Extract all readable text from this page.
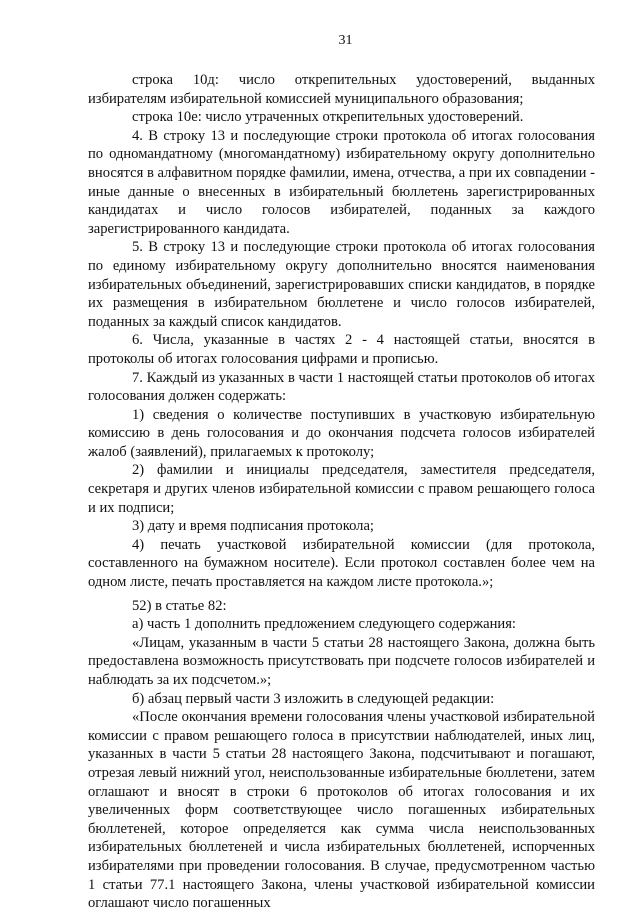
31

строка 10д: число открепительных удостоверений, выданных избирателям избирательной комиссией муниципального образования;

строка 10е: число утраченных открепительных удостоверений.

4. В строку 13 и последующие строки протокола об итогах голосования по одномандатному (многомандатному) избирательному округу дополнительно вносятся в алфавитном порядке фамилии, имена, отчества, а при их совпадении - иные данные о внесенных в избирательный бюллетень зарегистрированных кандидатах и число голосов избирателей, поданных за каждого зарегистрированного кандидата.

5. В строку 13 и последующие строки протокола об итогах голосования по единому избирательному округу дополнительно вносятся наименования избирательных объединений, зарегистрировавших списки кандидатов, в порядке их размещения в избирательном бюллетене и число голосов избирателей, поданных за каждый список кандидатов.

6. Числа, указанные в частях 2 - 4 настоящей статьи, вносятся в протоколы об итогах голосования цифрами и прописью.

7. Каждый из указанных в части 1 настоящей статьи протоколов об итогах голосования должен содержать:

1) сведения о количестве поступивших в участковую избирательную комиссию в день голосования и до окончания подсчета голосов избирателей жалоб (заявлений), прилагаемых к протоколу;

2) фамилии и инициалы председателя, заместителя председателя, секретаря и других членов избирательной комиссии с правом решающего голоса и их подписи;

3) дату и время подписания протокола;

4) печать участковой избирательной комиссии (для протокола, составленного на бумажном носителе). Если протокол составлен более чем на одном листе, печать проставляется на каждом листе протокола.»;

52) в статье 82:

а) часть 1 дополнить предложением следующего содержания:

«Лицам, указанным в части 5 статьи 28 настоящего Закона, должна быть предоставлена возможность присутствовать при подсчете голосов избирателей и наблюдать за их подсчетом.»;

б) абзац первый части 3 изложить в следующей редакции:

«После окончания времени голосования члены участковой избирательной комиссии с правом решающего голоса в присутствии наблюдателей, иных лиц, указанных в части 5 статьи 28 настоящего Закона, подсчитывают и погашают, отрезая левый нижний угол, неиспользованные избирательные бюллетени, затем оглашают и вносят в строки 6 протоколов об итогах голосования и их увеличенных форм соответствующее число погашенных избирательных бюллетеней, которое определяется как сумма числа неиспользованных избирательных бюллетеней и числа избирательных бюллетеней, испорченных избирателями при проведении голосования. В случае, предусмотренном частью 1 статьи 77.1 настоящего Закона, члены участковой избирательной комиссии оглашают число погашенных
